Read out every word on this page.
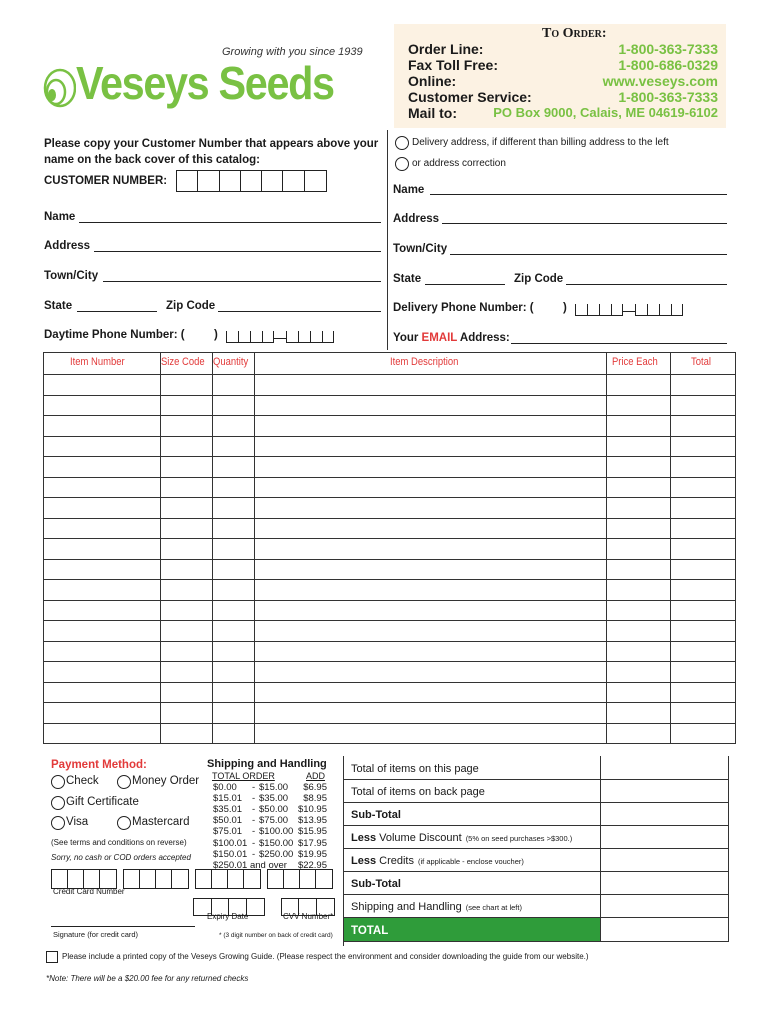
Growing with you since 1939
Veseys Seeds
To Order:
Order Line:	1-800-363-7333
Fax Toll Free:	1-800-686-0329
Online:	www.veseys.com
Customer Service:	1-800-363-7333
Mail to:	PO Box 9000, Calais, ME 04619-6102
Please copy your Customer Number that appears above your name on the back cover of this catalog:
CUSTOMER NUMBER:
Name
Address
Town/City
State	Zip Code
Daytime Phone Number: (	)
Delivery address, if different than billing address to the left
or address correction
Name
Address
Town/City
State	Zip Code
Delivery Phone Number: (	)
Your EMAIL Address:
Item Number	Size Code	Quantity	Item Description	Price Each	Total

Payment Method:
Check	Money Order
Gift Certificate
Visa	Mastercard
(See terms and conditions on reverse)
Sorry, no cash or COD orders accepted
Credit Card Number
Expiry Date	CVV Number*
Signature (for credit card)	* (3 digit number on back of credit card)
Shipping and Handling
TOTAL ORDER	ADD
$0.00 - $15.00 $6.95
$15.01 - $35.00 $8.95
$35.01 - $50.00 $10.95
$50.01 - $75.00 $13.95
$75.01 - $100.00 $15.95
$100.01 - $150.00 $17.95
$150.01 - $250.00 $19.95
$250.01 and over $22.95
Total of items on this page
Total of items on back page
Sub-Total
Less Volume Discount (5% on seed purchases >$300.)
Less Credits (if applicable - enclose voucher)
Sub-Total
Shipping and Handling (see chart at left)
TOTAL
Please include a printed copy of the Veseys Growing Guide. (Please respect the environment and consider downloading the guide from our website.)
*Note: There will be a $20.00 fee for any returned checks
